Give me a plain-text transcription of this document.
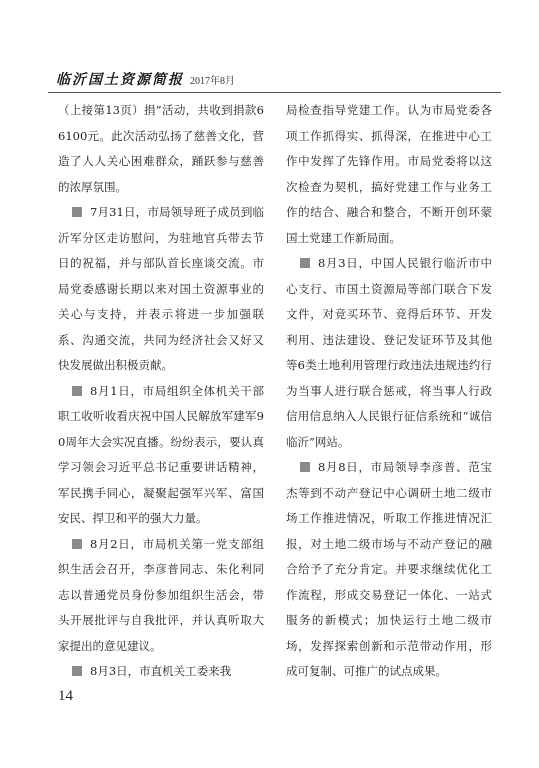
临沂国土资源简报 2017年8月

（上接第13页）捐”活动，共收到捐款66100元。此次活动弘扬了慈善文化，营造了人人关心困难群众，踊跃参与慈善的浓厚氛围。

7月31日，市局领导班子成员到临沂军分区走访慰问，为驻地官兵带去节日的祝福，并与部队首长座谈交流。市局党委感谢长期以来对国土资源事业的关心与支持，并表示将进一步加强联系、沟通交流，共同为经济社会又好又快发展做出积极贡献。

8月1日，市局组织全体机关干部职工收听收看庆祝中国人民解放军建军90周年大会实况直播。纷纷表示，要认真学习领会习近平总书记重要讲话精神，军民携手同心，凝聚起强军兴军、富国安民、捍卫和平的强大力量。

8月2日，市局机关第一党支部组织生活会召开，李彦普同志、朱化利同志以普通党员身份参加组织生活会，带头开展批评与自我批评，并认真听取大家提出的意见建议。

8月3日，市直机关工委来我

局检查指导党建工作。认为市局党委各项工作抓得实、抓得深，在推进中心工作中发挥了先锋作用。市局党委将以这次检查为契机，搞好党建工作与业务工作的结合、融合和整合，不断开创环蒙国土党建工作新局面。

8月3日，中国人民银行临沂市中心支行、市国土资源局等部门联合下发文件，对竞买环节、竞得后环节、开发利用、违法建设、登记发证环节及其他等6类土地利用管理行政违法违规违约行为当事人进行联合惩戒，将当事人行政信用信息纳入人民银行征信系统和“诚信临沂”网站。

8月8日，市局领导李彦普、范宝杰等到不动产登记中心调研土地二级市场工作推进情况，听取工作推进情况汇报，对土地二级市场与不动产登记的融合给予了充分肯定。并要求继续优化工作流程，形成交易登记一体化、一站式服务的新模式；加快运行土地二级市场，发挥探索创新和示范带动作用，形成可复制、可推广的试点成果。

14
